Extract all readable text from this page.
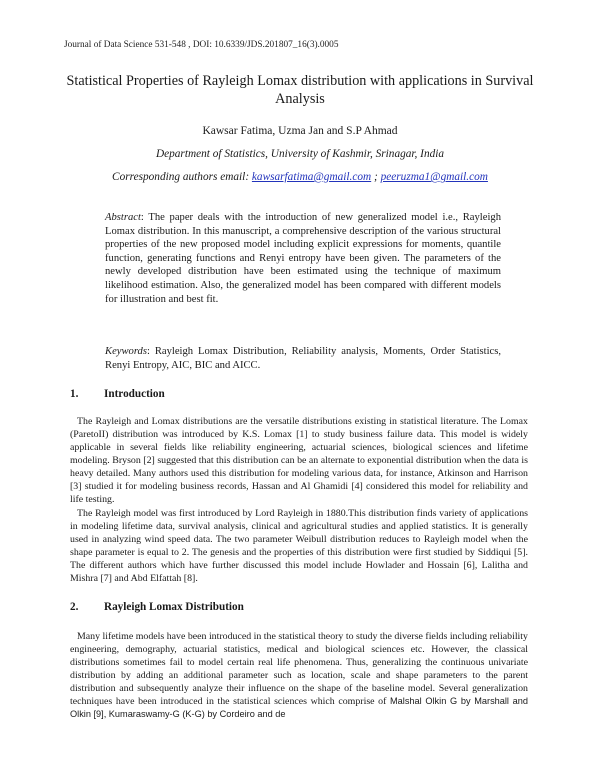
Journal of Data Science 531-548 , DOI: 10.6339/JDS.201807_16(3).0005
Statistical Properties of Rayleigh Lomax distribution with applications in Survival
Analysis
Kawsar Fatima, Uzma Jan and S.P Ahmad
Department of Statistics, University of Kashmir, Srinagar, India
Corresponding authors email: kawsarfatima@gmail.com ; peeruzma1@gmail.com

Abstract: The paper deals with the introduction of new generalized model i.e., Rayleigh Lomax distribution. In this manuscript, a comprehensive description of the various structural properties of the new proposed model including explicit expressions for moments, quantile function, generating functions and Renyi entropy have been given. The parameters of the newly developed distribution have been estimated using the technique of maximum likelihood estimation. Also, the generalized model has been compared with different models for illustration and best fit.

Keywords: Rayleigh Lomax Distribution, Reliability analysis, Moments, Order Statistics, Renyi Entropy, AIC, BIC and AICC.

1. Introduction

The Rayleigh and Lomax distributions are the versatile distributions existing in statistical literature. The Lomax (ParetoII) distribution was introduced by K.S. Lomax [1] to study business failure data. This model is widely applicable in several fields like reliability engineering, actuarial sciences, biological sciences and lifetime modeling. Bryson [2] suggested that this distribution can be an alternate to exponential distribution when the data is heavy detailed. Many authors used this distribution for modeling various data, for instance, Atkinson and Harrison [3] studied it for modeling business records, Hassan and Al Ghamidi [4] considered this model for reliability and life testing.

The Rayleigh model was first introduced by Lord Rayleigh in 1880.This distribution finds variety of applications in modeling lifetime data, survival analysis, clinical and agricultural studies and applied statistics. It is generally used in analyzing wind speed data. The two parameter Weibull distribution reduces to Rayleigh model when the shape parameter is equal to 2. The genesis and the properties of this distribution were first studied by Siddiqui [5]. The different authors which have further discussed this model include Howlader and Hossain [6], Lalitha and Mishra [7] and Abd Elfattah [8].

2. Rayleigh Lomax Distribution

Many lifetime models have been introduced in the statistical theory to study the diverse fields including reliability engineering, demography, actuarial statistics, medical and biological sciences etc. However, the classical distributions sometimes fail to model certain real life phenomena. Thus, generalizing the continuous univariate distribution by adding an additional parameter such as location, scale and shape parameters to the parent distribution and subsequently analyze their influence on the shape of the baseline model. Several generalization techniques have been introduced in the statistical sciences which comprise of Malshal Olkin G by Marshall and Olkin [9], Kumaraswamy-G (K-G) by Cordeiro and de
